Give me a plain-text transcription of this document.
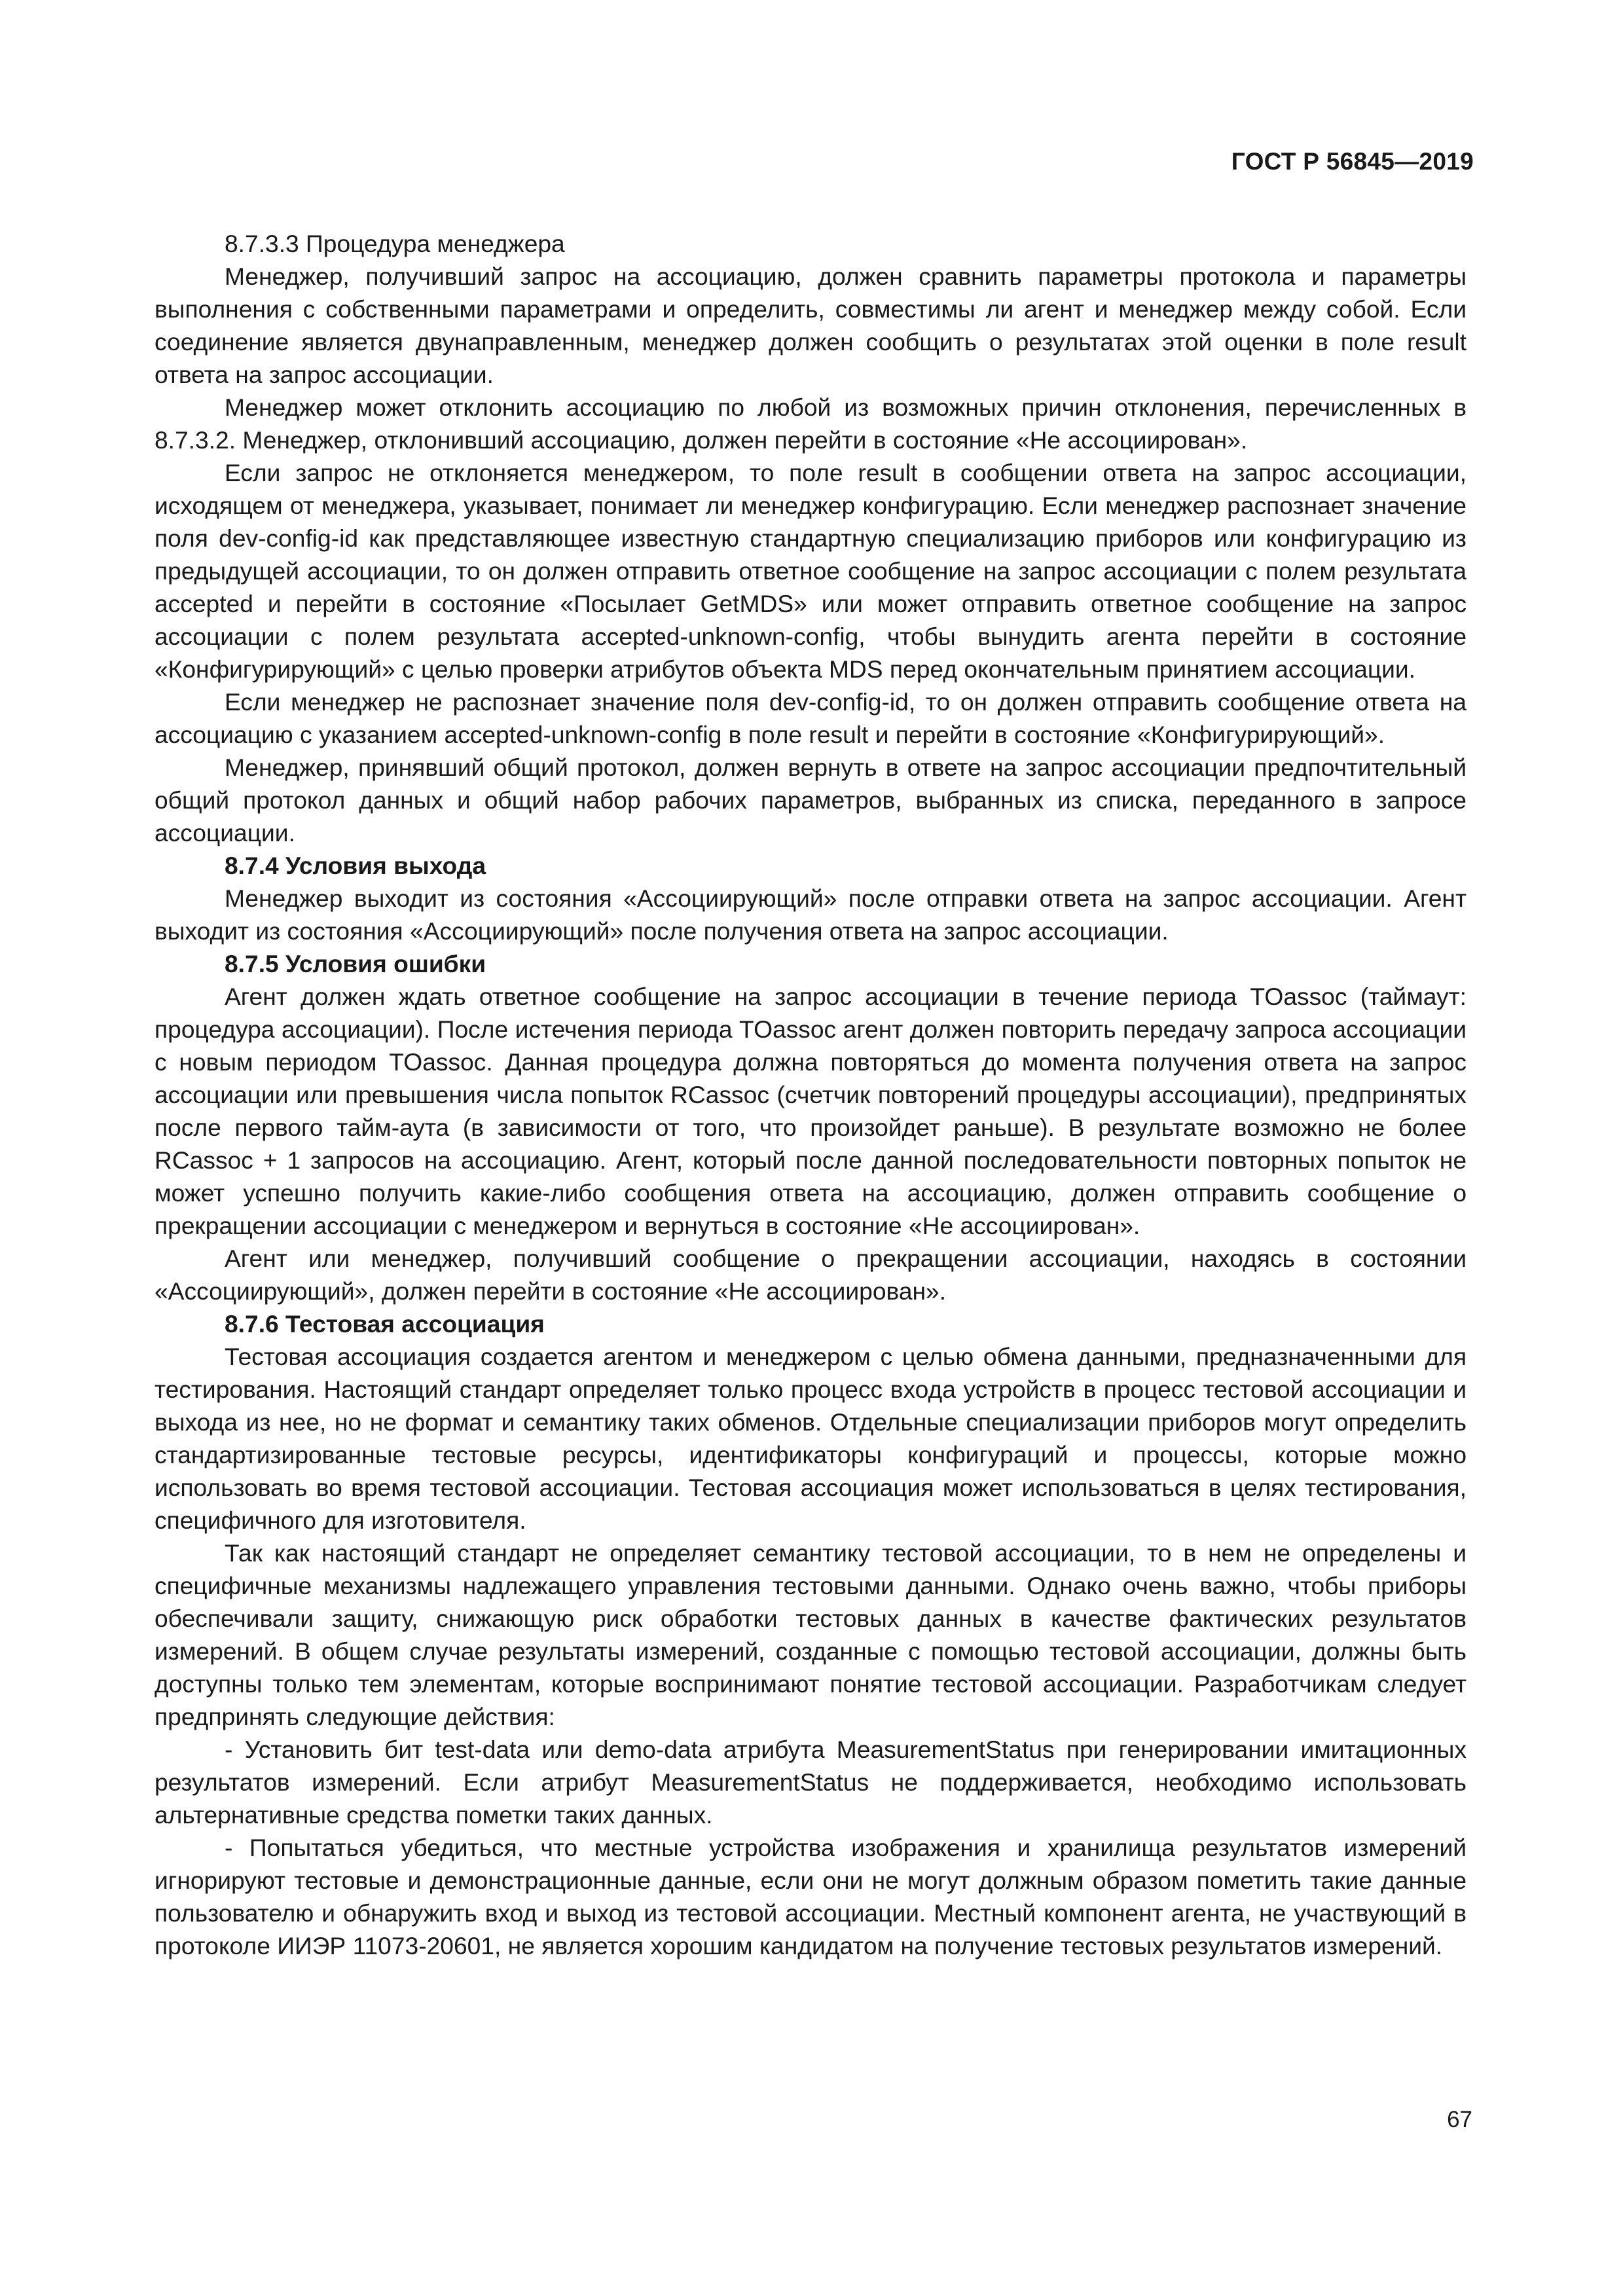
ГОСТ Р 56845—2019

8.7.3.3 Процедура менеджера

Менеджер, получивший запрос на ассоциацию, должен сравнить параметры протокола и параметры выполнения с собственными параметрами и определить, совместимы ли агент и менеджер между собой. Если соединение является двунаправленным, менеджер должен сообщить о результатах этой оценки в поле result ответа на запрос ассоциации.

Менеджер может отклонить ассоциацию по любой из возможных причин отклонения, перечисленных в 8.7.3.2. Менеджер, отклонивший ассоциацию, должен перейти в состояние «Не ассоциирован».

Если запрос не отклоняется менеджером, то поле result в сообщении ответа на запрос ассоциации, исходящем от менеджера, указывает, понимает ли менеджер конфигурацию. Если менеджер распознает значение поля dev-config-id как представляющее известную стандартную специализацию приборов или конфигурацию из предыдущей ассоциации, то он должен отправить ответное сообщение на запрос ассоциации с полем результата accepted и перейти в состояние «Посылает GetMDS» или может отправить ответное сообщение на запрос ассоциации с полем результата accepted-unknown-config, чтобы вынудить агента перейти в состояние «Конфигурирующий» с целью проверки атрибутов объекта MDS перед окончательным принятием ассоциации.

Если менеджер не распознает значение поля dev-config-id, то он должен отправить сообщение ответа на ассоциацию с указанием accepted-unknown-config в поле result и перейти в состояние «Конфигурирующий».

Менеджер, принявший общий протокол, должен вернуть в ответе на запрос ассоциации предпочтительный общий протокол данных и общий набор рабочих параметров, выбранных из списка, переданного в запросе ассоциации.

8.7.4 Условия выхода

Менеджер выходит из состояния «Ассоциирующий» после отправки ответа на запрос ассоциации. Агент выходит из состояния «Ассоциирующий» после получения ответа на запрос ассоциации.

8.7.5 Условия ошибки

Агент должен ждать ответное сообщение на запрос ассоциации в течение периода TOassoc (таймаут: процедура ассоциации). После истечения периода TOassoc агент должен повторить передачу запроса ассоциации с новым периодом TOassoc. Данная процедура должна повторяться до момента получения ответа на запрос ассоциации или превышения числа попыток RCassoc (счетчик повторений процедуры ассоциации), предпринятых после первого тайм-аута (в зависимости от того, что произойдет раньше). В результате возможно не более RCassoc + 1 запросов на ассоциацию. Агент, который после данной последовательности повторных попыток не может успешно получить какие-либо сообщения ответа на ассоциацию, должен отправить сообщение о прекращении ассоциации с менеджером и вернуться в состояние «Не ассоциирован».

Агент или менеджер, получивший сообщение о прекращении ассоциации, находясь в состоянии «Ассоциирующий», должен перейти в состояние «Не ассоциирован».

8.7.6 Тестовая ассоциация

Тестовая ассоциация создается агентом и менеджером с целью обмена данными, предназначенными для тестирования. Настоящий стандарт определяет только процесс входа устройств в процесс тестовой ассоциации и выхода из нее, но не формат и семантику таких обменов. Отдельные специализации приборов могут определить стандартизированные тестовые ресурсы, идентификаторы конфигураций и процессы, которые можно использовать во время тестовой ассоциации. Тестовая ассоциация может использоваться в целях тестирования, специфичного для изготовителя.

Так как настоящий стандарт не определяет семантику тестовой ассоциации, то в нем не определены и специфичные механизмы надлежащего управления тестовыми данными. Однако очень важно, чтобы приборы обеспечивали защиту, снижающую риск обработки тестовых данных в качестве фактических результатов измерений. В общем случае результаты измерений, созданные с помощью тестовой ассоциации, должны быть доступны только тем элементам, которые воспринимают понятие тестовой ассоциации. Разработчикам следует предпринять следующие действия:

- Установить бит test-data или demo-data атрибута MeasurementStatus при генерировании имитационных результатов измерений. Если атрибут MeasurementStatus не поддерживается, необходимо использовать альтернативные средства пометки таких данных.

- Попытаться убедиться, что местные устройства изображения и хранилища результатов измерений игнорируют тестовые и демонстрационные данные, если они не могут должным образом пометить такие данные пользователю и обнаружить вход и выход из тестовой ассоциации. Местный компонент агента, не участвующий в протоколе ИИЭР 11073-20601, не является хорошим кандидатом на получение тестовых результатов измерений.

67
